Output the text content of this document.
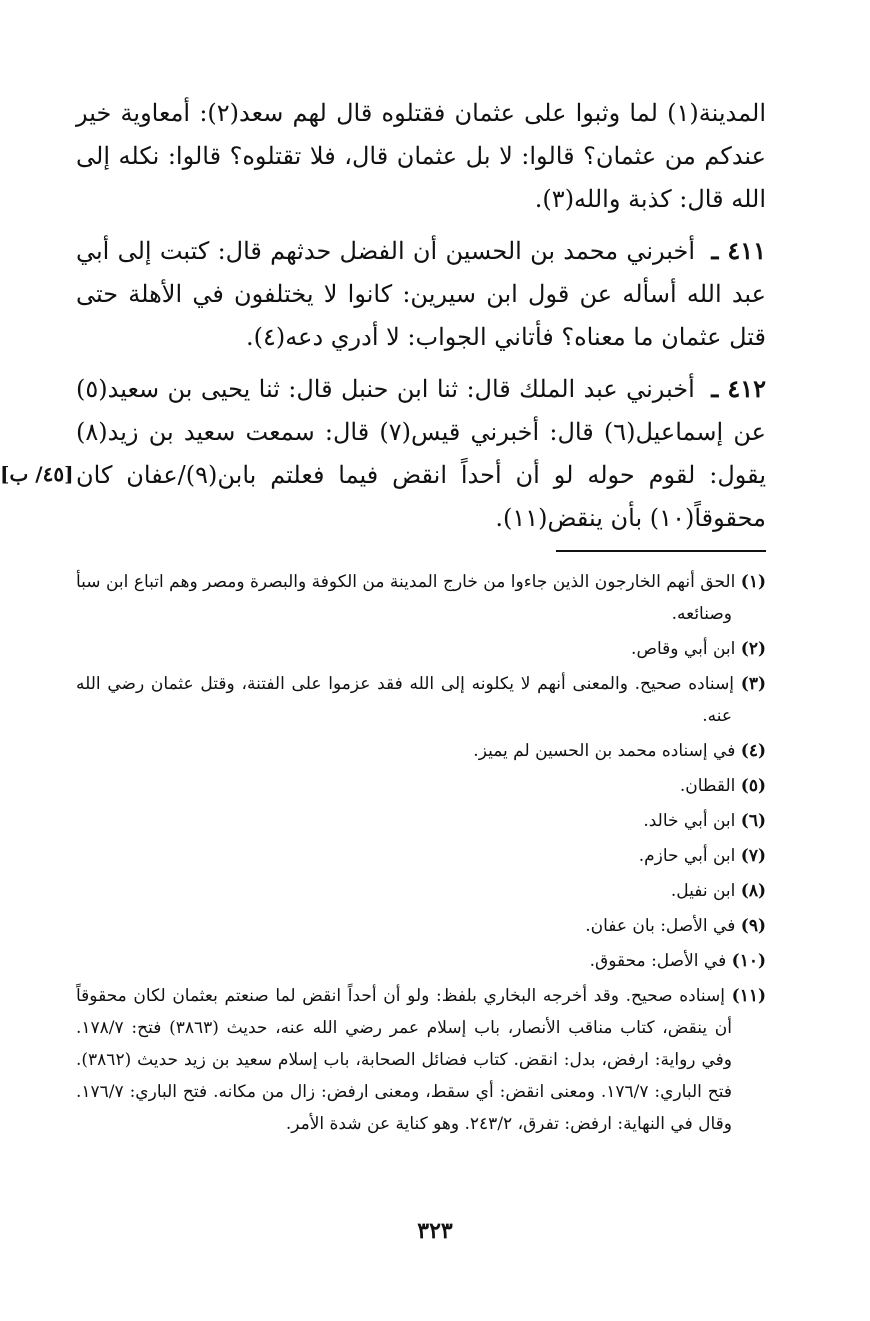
المدينة(١) لما وثبوا على عثمان فقتلوه قال لهم سعد(٢): أمعاوية خير عندكم من عثمان؟ قالوا: لا بل عثمان قال، فلا تقتلوه؟ قالوا: نكله إلى الله قال: كذبة والله(٣).

٤١١ ـ أخبرني محمد بن الحسين أن الفضل حدثهم قال: كتبت إلى أبي عبد الله أسأله عن قول ابن سيرين: كانوا لا يختلفون في الأهلة حتى قتل عثمان ما معناه؟ فأتاني الجواب: لا أدري دعه(٤).

٤١٢ ـ أخبرني عبد الملك قال: ثنا ابن حنبل قال: ثنا يحيى بن سعيد(٥) عن إسماعيل(٦) قال: أخبرني قيس(٧) قال: سمعت سعيد بن زيد(٨) يقول: لقوم حوله لو أن أحداً انقض فيما فعلتم بابن(٩)/عفان كان محقوقاً(١٠) بأن ينقض(١١).
[٤٥/ ب]

(١) الحق أنهم الخارجون الذين جاءوا من خارج المدينة من الكوفة والبصرة ومصر وهم اتباع ابن سبأ وصنائعه.

(٢) ابن أبي وقاص.

(٣) إسناده صحيح. والمعنى أنهم لا يكلونه إلى الله فقد عزموا على الفتنة، وقتل عثمان رضي الله عنه.

(٤) في إسناده محمد بن الحسين لم يميز.

(٥) القطان.

(٦) ابن أبي خالد.

(٧) ابن أبي حازم.

(٨) ابن نفيل.

(٩) في الأصل: بان عفان.

(١٠) في الأصل: محقوق.

(١١) إسناده صحيح. وقد أخرجه البخاري بلفظ: ولو أن أحداً انقض لما صنعتم بعثمان لكان محقوقاً أن ينقض، كتاب مناقب الأنصار، باب إسلام عمر رضي الله عنه، حديث (٣٨٦٣) فتح: ١٧٨/٧. وفي رواية: ارفض، بدل: انقض. كتاب فضائل الصحابة، باب إسلام سعيد بن زيد حديث (٣٨٦٢). فتح الباري: ١٧٦/٧. ومعنى انقض: أي سقط، ومعنى ارفض: زال من مكانه. فتح الباري: ١٧٦/٧. وقال في النهاية: ارفض: تفرق، ٢٤٣/٢. وهو كناية عن شدة الأمر.

٣٢٣
